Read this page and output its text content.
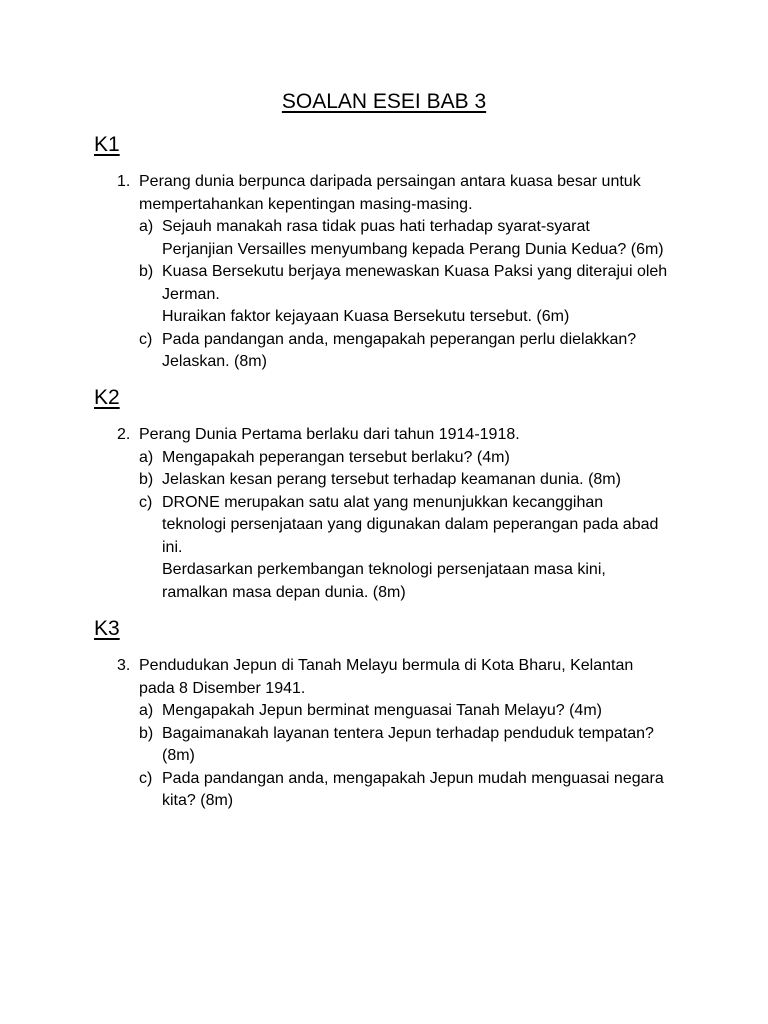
SOALAN ESEI BAB 3
K1
1. Perang dunia berpunca daripada persaingan antara kuasa besar untuk
mempertahankan kepentingan masing-masing.
a) Sejauh manakah rasa tidak puas hati terhadap syarat-syarat
Perjanjian Versailles menyumbang kepada Perang Dunia Kedua? (6m)
b) Kuasa Bersekutu berjaya menewaskan Kuasa Paksi yang diterajui oleh
Jerman.
Huraikan faktor kejayaan Kuasa Bersekutu tersebut. (6m)
c) Pada pandangan anda, mengapakah peperangan perlu dielakkan?
Jelaskan. (8m)
K2
2. Perang Dunia Pertama berlaku dari tahun 1914-1918.
a) Mengapakah peperangan tersebut berlaku? (4m)
b) Jelaskan kesan perang tersebut terhadap keamanan dunia. (8m)
c) DRONE merupakan satu alat yang menunjukkan kecanggihan
teknologi persenjataan yang digunakan dalam peperangan pada abad
ini.
Berdasarkan perkembangan teknologi persenjataan masa kini,
ramalkan masa depan dunia. (8m)
K3
3. Pendudukan Jepun di Tanah Melayu bermula di Kota Bharu, Kelantan
pada 8 Disember 1941.
a) Mengapakah Jepun berminat menguasai Tanah Melayu? (4m)
b) Bagaimanakah layanan tentera Jepun terhadap penduduk tempatan?
(8m)
c) Pada pandangan anda, mengapakah Jepun mudah menguasai negara
kita? (8m)
